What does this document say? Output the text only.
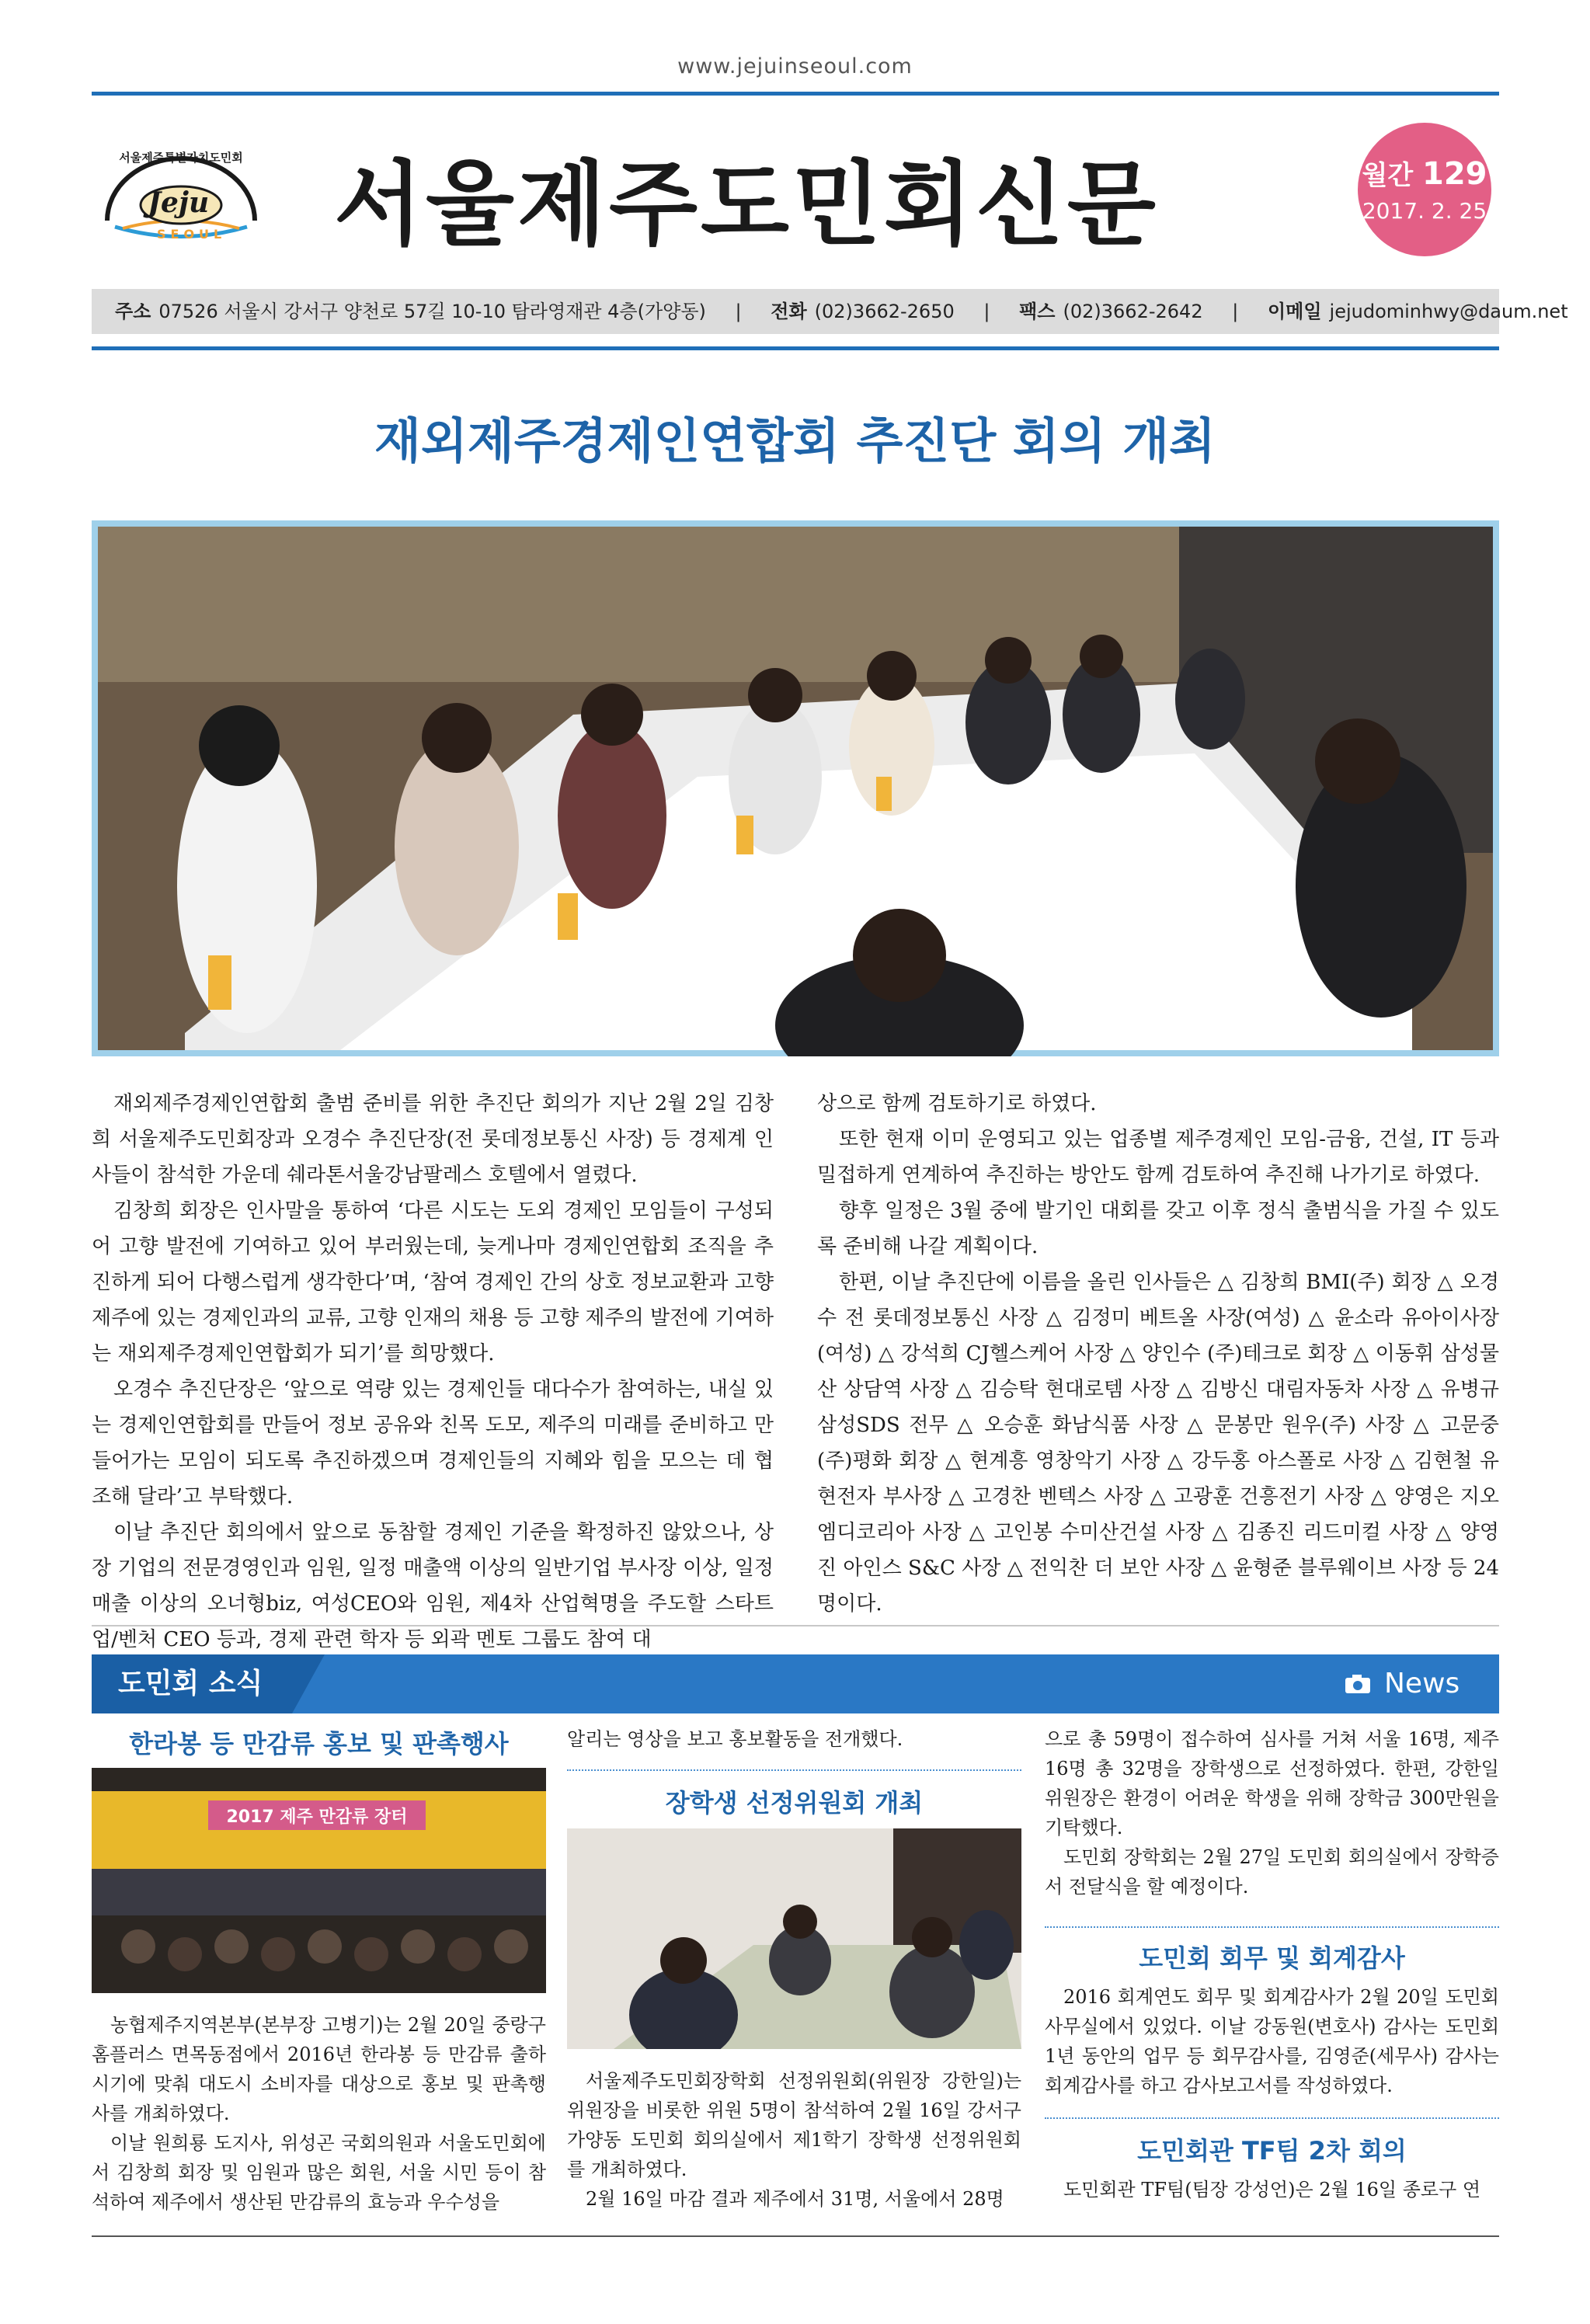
www.jejuinseoul.com
Jeju
SEOUL
서울제주특별자치도민회 서울제주도민회신문	월간 129
2017. 2. 25
주소 07526 서울시 강서구 양천로 57길 10-10 탐라영재관 4층(가양동) | 전화 (02)3662-2650 | 팩스 (02)3662-2642 | 이메일 jejudominhwy@daum.net
재외제주경제인연합회 추진단 회의 개최

재외제주경제인연합회 출범 준비를 위한 추진단 회의가 지난 2월 2일 김창희 서울제주도민회장과 오경수 추진단장(전 롯데정보통신 사장) 등 경제계 인사들이 참석한 가운데 쉐라톤서울강남팔레스 호텔에서 열렸다.

김창희 회장은 인사말을 통하여 ‘다른 시도는 도외 경제인 모임들이 구성되어 고향 발전에 기여하고 있어 부러웠는데, 늦게나마 경제인연합회 조직을 추진하게 되어 다행스럽게 생각한다’며, ‘참여 경제인 간의 상호 정보교환과 고향 제주에 있는 경제인과의 교류, 고향 인재의 채용 등 고향 제주의 발전에 기여하는 재외제주경제인연합회가 되기’를 희망했다.

오경수 추진단장은 ‘앞으로 역량 있는 경제인들 대다수가 참여하는, 내실 있는 경제인연합회를 만들어 정보 공유와 친목 도모, 제주의 미래를 준비하고 만들어가는 모임이 되도록 추진하겠으며 경제인들의 지혜와 힘을 모으는 데 협조해 달라’고 부탁했다.

이날 추진단 회의에서 앞으로 동참할 경제인 기준을 확정하진 않았으나, 상장 기업의 전문경영인과 임원, 일정 매출액 이상의 일반기업 부사장 이상, 일정 매출 이상의 오너형biz, 여성CEO와 임원, 제4차 산업혁명을 주도할 스타트업/벤처 CEO 등과, 경제 관련 학자 등 외곽 멘토 그룹도 참여 대

상으로 함께 검토하기로 하였다.

또한 현재 이미 운영되고 있는 업종별 제주경제인 모임-금융, 건설, IT 등과 밀접하게 연계하여 추진하는 방안도 함께 검토하여 추진해 나가기로 하였다.

향후 일정은 3월 중에 발기인 대회를 갖고 이후 정식 출범식을 가질 수 있도록 준비해 나갈 계획이다.

한편, 이날 추진단에 이름을 올린 인사들은 △ 김창희 BMI(주) 회장 △ 오경수 전 롯데정보통신 사장 △ 김정미 베트올 사장(여성) △ 윤소라 유아이사장(여성) △ 강석희 CJ헬스케어 사장 △ 양인수 (주)테크로 회장 △ 이동휘 삼성물산 상담역 사장 △ 김승탁 현대로템 사장 △ 김방신 대림자동차 사장 △ 유병규 삼성SDS 전무 △ 오승훈 화남식품 사장 △ 문봉만 원우(주) 사장 △ 고문중 (주)평화 회장 △ 현계흥 영창악기 사장 △ 강두홍 아스폴로 사장 △ 김현철 유현전자 부사장 △ 고경찬 벤텍스 사장 △ 고광훈 건흥전기 사장 △ 양영은 지오엠디코리아 사장 △ 고인봉 수미산건설 사장 △ 김종진 리드미컬 사장 △ 양영진 아인스 S&C 사장 △ 전익찬 더 보안 사장 △ 윤형준 블루웨이브 사장 등 24명이다.

도민회 소식	News
한라봉 등 만감류 홍보 및 판촉행사
2017 제주 만감류 장터

농협제주지역본부(본부장 고병기)는 2월 20일 중랑구 홈플러스 면목동점에서 2016년 한라봉 등 만감류 출하시기에 맞춰 대도시 소비자를 대상으로 홍보 및 판촉행사를 개최하였다.

이날 원희룡 도지사, 위성곤 국회의원과 서울도민회에서 김창희 회장 및 임원과 많은 회원, 서울 시민 등이 참석하여 제주에서 생산된 만감류의 효능과 우수성을

알리는 영상을 보고 홍보활동을 전개했다.

장학생 선정위원회 개최

서울제주도민회장학회 선정위원회(위원장 강한일)는 위원장을 비롯한 위원 5명이 참석하여 2월 16일 강서구 가양동 도민회 회의실에서 제1학기 장학생 선정위원회를 개최하였다.

2월 16일 마감 결과 제주에서 31명, 서울에서 28명

으로 총 59명이 접수하여 심사를 거쳐 서울 16명, 제주 16명 총 32명을 장학생으로 선정하였다. 한편, 강한일 위원장은 환경이 어려운 학생을 위해 장학금 300만원을 기탁했다.

도민회 장학회는 2월 27일 도민회 회의실에서 장학증서 전달식을 할 예정이다.

도민회 회무 및 회계감사

2016 회계연도 회무 및 회계감사가 2월 20일 도민회 사무실에서 있었다. 이날 강동원(변호사) 감사는 도민회 1년 동안의 업무 등 회무감사를, 김영준(세무사) 감사는 회계감사를 하고 감사보고서를 작성하였다.

도민회관 TF팀 2차 회의

도민회관 TF팀(팀장 강성언)은 2월 16일 종로구 연
